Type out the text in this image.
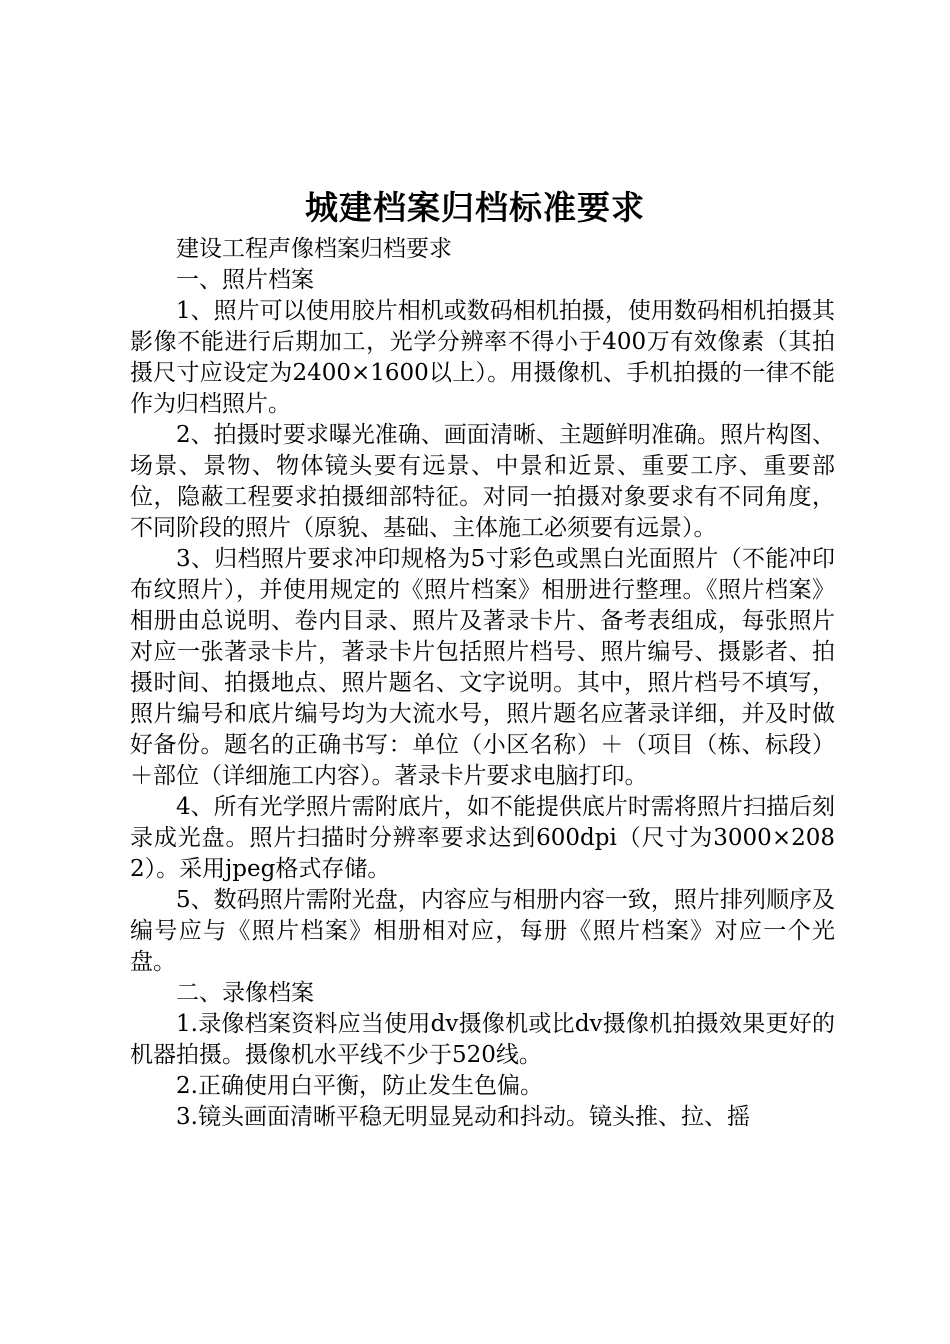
城建档案归档标准要求

建设工程声像档案归档要求

一、照片档案

1、照片可以使用胶片相机或数码相机拍摄，使用数码相机拍摄其影像不能进行后期加工，光学分辨率不得小于400万有效像素（其拍摄尺寸应设定为2400×1600以上）。用摄像机、手机拍摄的一律不能作为归档照片。

2、拍摄时要求曝光准确、画面清晰、主题鲜明准确。照片构图、场景、景物、物体镜头要有远景、中景和近景、重要工序、重要部位，隐蔽工程要求拍摄细部特征。对同一拍摄对象要求有不同角度，不同阶段的照片（原貌、基础、主体施工必须要有远景）。

3、归档照片要求冲印规格为5寸彩色或黑白光面照片（不能冲印布纹照片），并使用规定的《照片档案》相册进行整理。《照片档案》相册由总说明、卷内目录、照片及著录卡片、备考表组成，每张照片对应一张著录卡片，著录卡片包括照片档号、照片编号、摄影者、拍摄时间、拍摄地点、照片题名、文字说明。其中，照片档号不填写，照片编号和底片编号均为大流水号，照片题名应著录详细，并及时做好备份。题名的正确书写：单位（小区名称）＋（项目（栋、标段）＋部位（详细施工内容）。著录卡片要求电脑打印。

4、所有光学照片需附底片，如不能提供底片时需将照片扫描后刻录成光盘。照片扫描时分辨率要求达到600dpi（尺寸为3000×2082）。采用jpeg格式存储。

5、数码照片需附光盘，内容应与相册内容一致，照片排列顺序及编号应与《照片档案》相册相对应，每册《照片档案》对应一个光盘。

二、录像档案

1.录像档案资料应当使用dv摄像机或比dv摄像机拍摄效果更好的机器拍摄。摄像机水平线不少于520线。

2.正确使用白平衡，防止发生色偏。

3.镜头画面清晰平稳无明显晃动和抖动。镜头推、拉、摇
